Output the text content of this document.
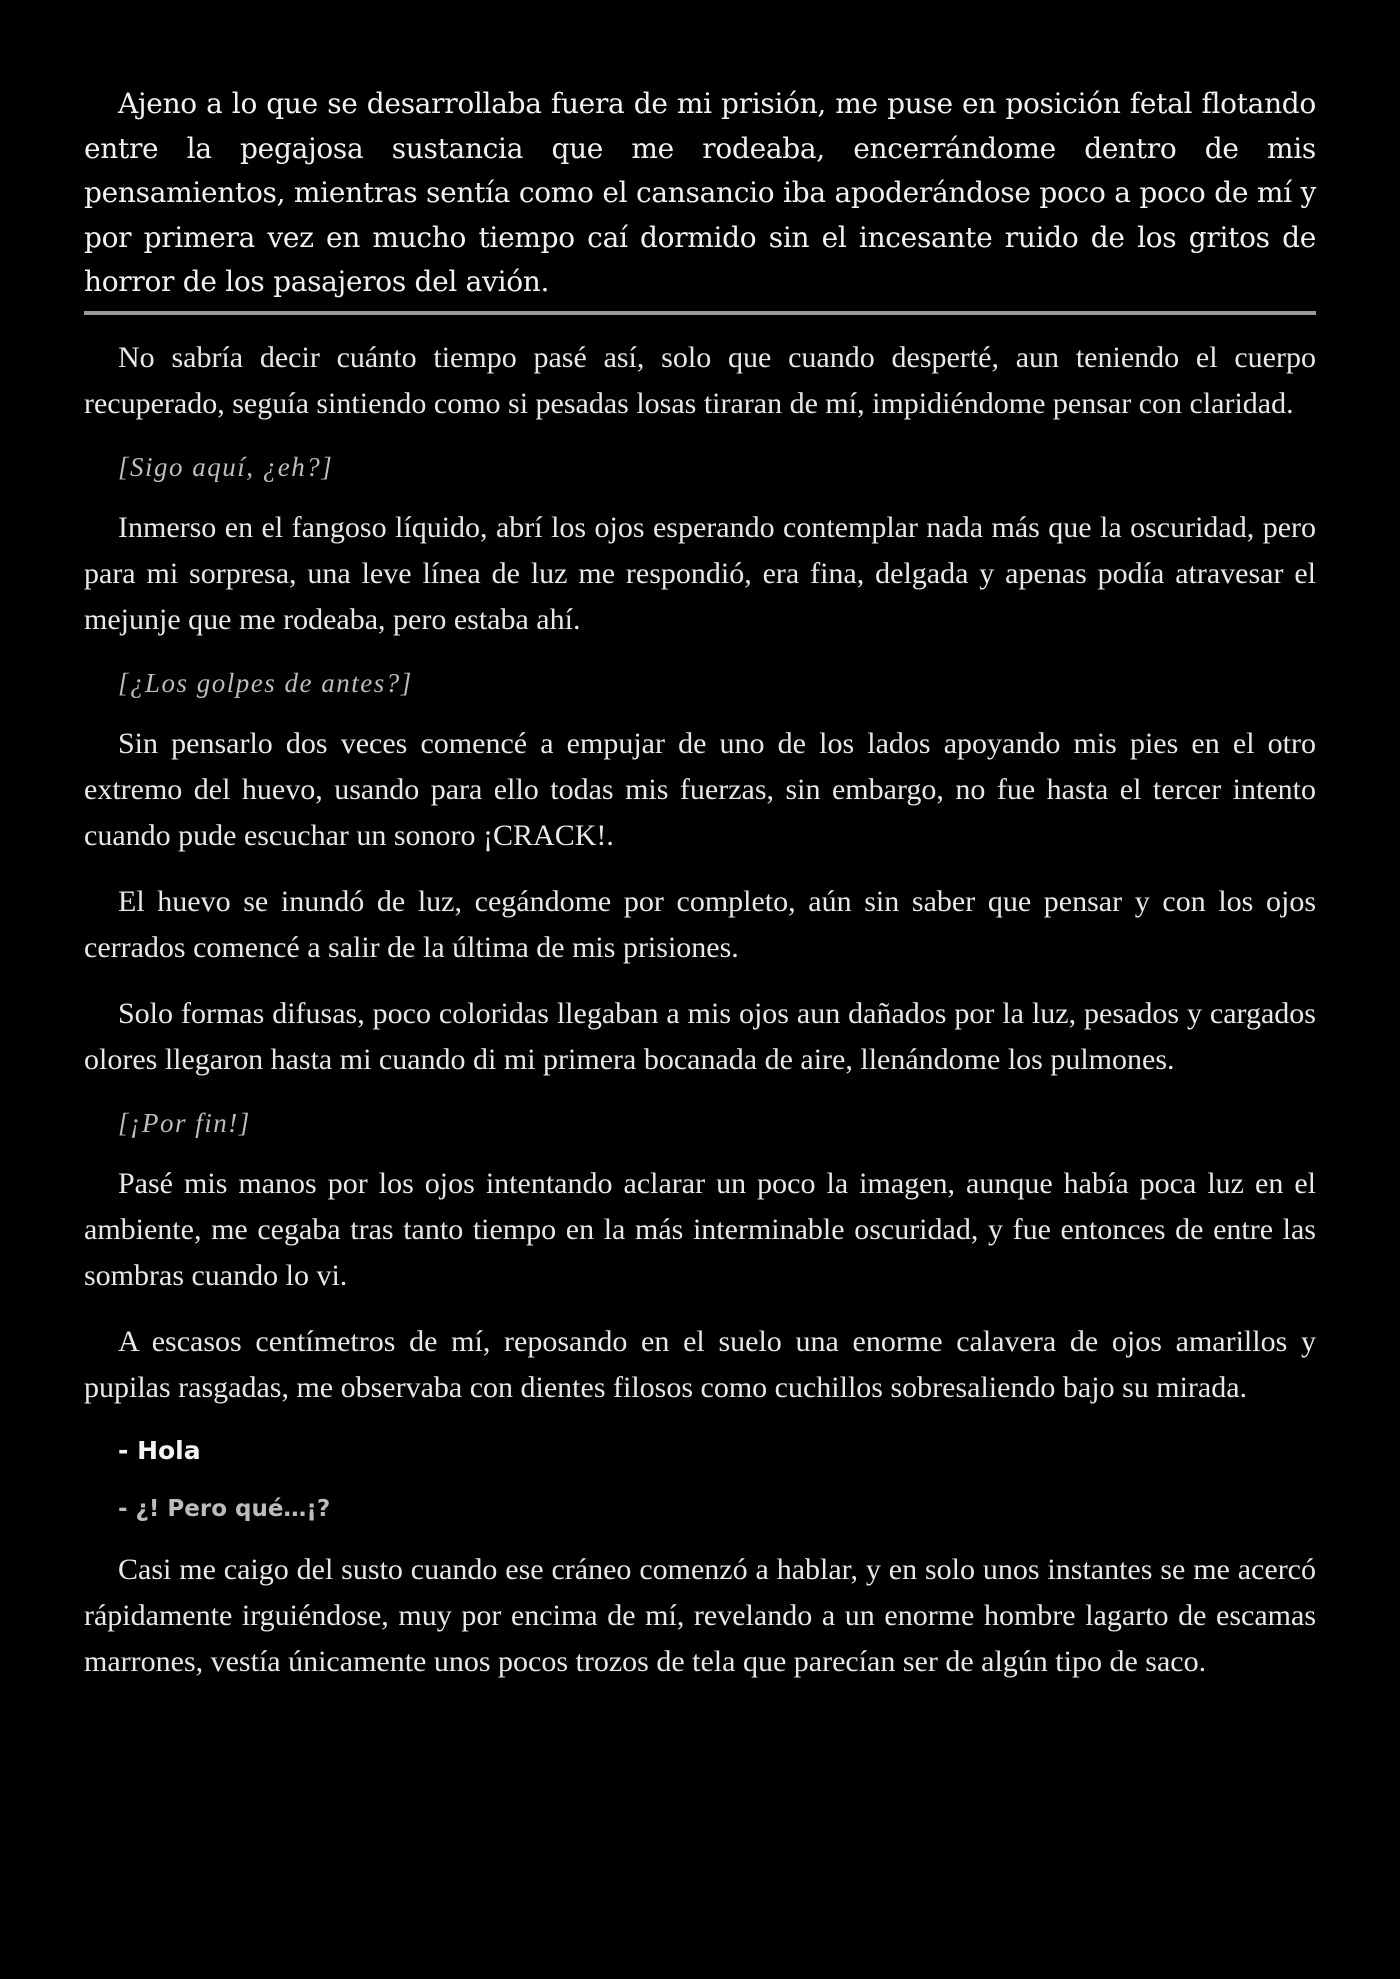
Ajeno a lo que se desarrollaba fuera de mi prisión, me puse en posición fetal flotando entre la pegajosa sustancia que me rodeaba, encerrándome dentro de mis pensamientos, mientras sentía como el cansancio iba apoderándose poco a poco de mí y por primera vez en mucho tiempo caí dormido sin el incesante ruido de los gritos de horror de los pasajeros del avión.

No sabría decir cuánto tiempo pasé así, solo que cuando desperté, aun teniendo el cuerpo recuperado, seguía sintiendo como si pesadas losas tiraran de mí, impidiéndome pensar con claridad.

[Sigo aquí, ¿eh?]

Inmerso en el fangoso líquido, abrí los ojos esperando contemplar nada más que la oscuridad, pero para mi sorpresa, una leve línea de luz me respondió, era fina, delgada y apenas podía atravesar el mejunje que me rodeaba, pero estaba ahí.

[¿Los golpes de antes?]

Sin pensarlo dos veces comencé a empujar de uno de los lados apoyando mis pies en el otro extremo del huevo, usando para ello todas mis fuerzas, sin embargo, no fue hasta el tercer intento cuando pude escuchar un sonoro ¡CRACK!.

El huevo se inundó de luz, cegándome por completo, aún sin saber que pensar y con los ojos cerrados comencé a salir de la última de mis prisiones.

Solo formas difusas, poco coloridas llegaban a mis ojos aun dañados por la luz, pesados y cargados olores llegaron hasta mi cuando di mi primera bocanada de aire, llenándome los pulmones.

[¡Por fin!]

Pasé mis manos por los ojos intentando aclarar un poco la imagen, aunque había poca luz en el ambiente, me cegaba tras tanto tiempo en la más interminable oscuridad, y fue entonces de entre las sombras cuando lo vi.

A escasos centímetros de mí, reposando en el suelo una enorme calavera de ojos amarillos y pupilas rasgadas, me observaba con dientes filosos como cuchillos sobresaliendo bajo su mirada.

- Hola

- ¿! Pero qué…¡?

Casi me caigo del susto cuando ese cráneo comenzó a hablar, y en solo unos instantes se me acercó rápidamente irguiéndose, muy por encima de mí, revelando a un enorme hombre lagarto de escamas marrones, vestía únicamente unos pocos trozos de tela que parecían ser de algún tipo de saco.
